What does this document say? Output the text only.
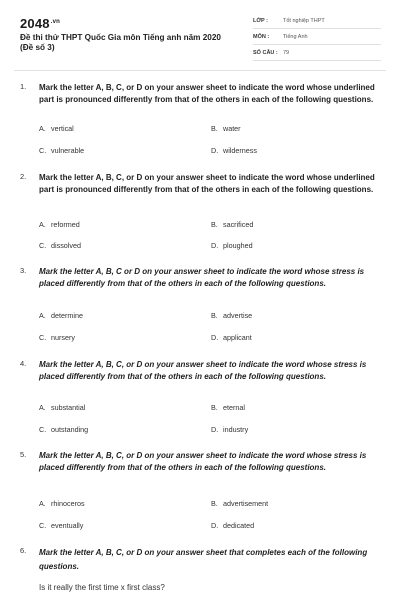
$2048^{.vn}$
Đề thi thử THPT Quốc Gia môn Tiếng anh năm 2020 (Đề số 3)
LỚP :	Tốt nghiệp THPT
MÔN :	Tiếng Anh
SỐ CÂU : 79
1. Mark the letter A, B, C, or D on your answer sheet to indicate the word whose underlined part is pronounced differently from that of the others in each of the following questions.
A. vertical	B. water
C. vulnerable	D. wilderness
2. Mark the letter A, B, C, or D on your answer sheet to indicate the word whose underlined part is pronounced differently from that of the others in each of the following questions.
A. reformed	B. sacrificed
C. dissolved	D. ploughed
3. Mark the letter A, B, C or D on your answer sheet to indicate the word whose stress is placed differently from that of the others in each of the following questions.
A. determine	B. advertise
C. nursery	D. applicant
4. Mark the letter A, B, C, or D on your answer sheet to indicate the word whose stress is placed differently from that of the others in each of the following questions.
A. substantial	B. eternal
C. outstanding	D. industry
5. Mark the letter A, B, C, or D on your answer sheet to indicate the word whose stress is placed differently from that of the others in each of the following questions.
A. rhinoceros	B. advertisement
C. eventually	D. dedicated
6. Mark the letter A, B, C, or D on your answer sheet that completes each of the following questions.
Is it really the first time x first class?
